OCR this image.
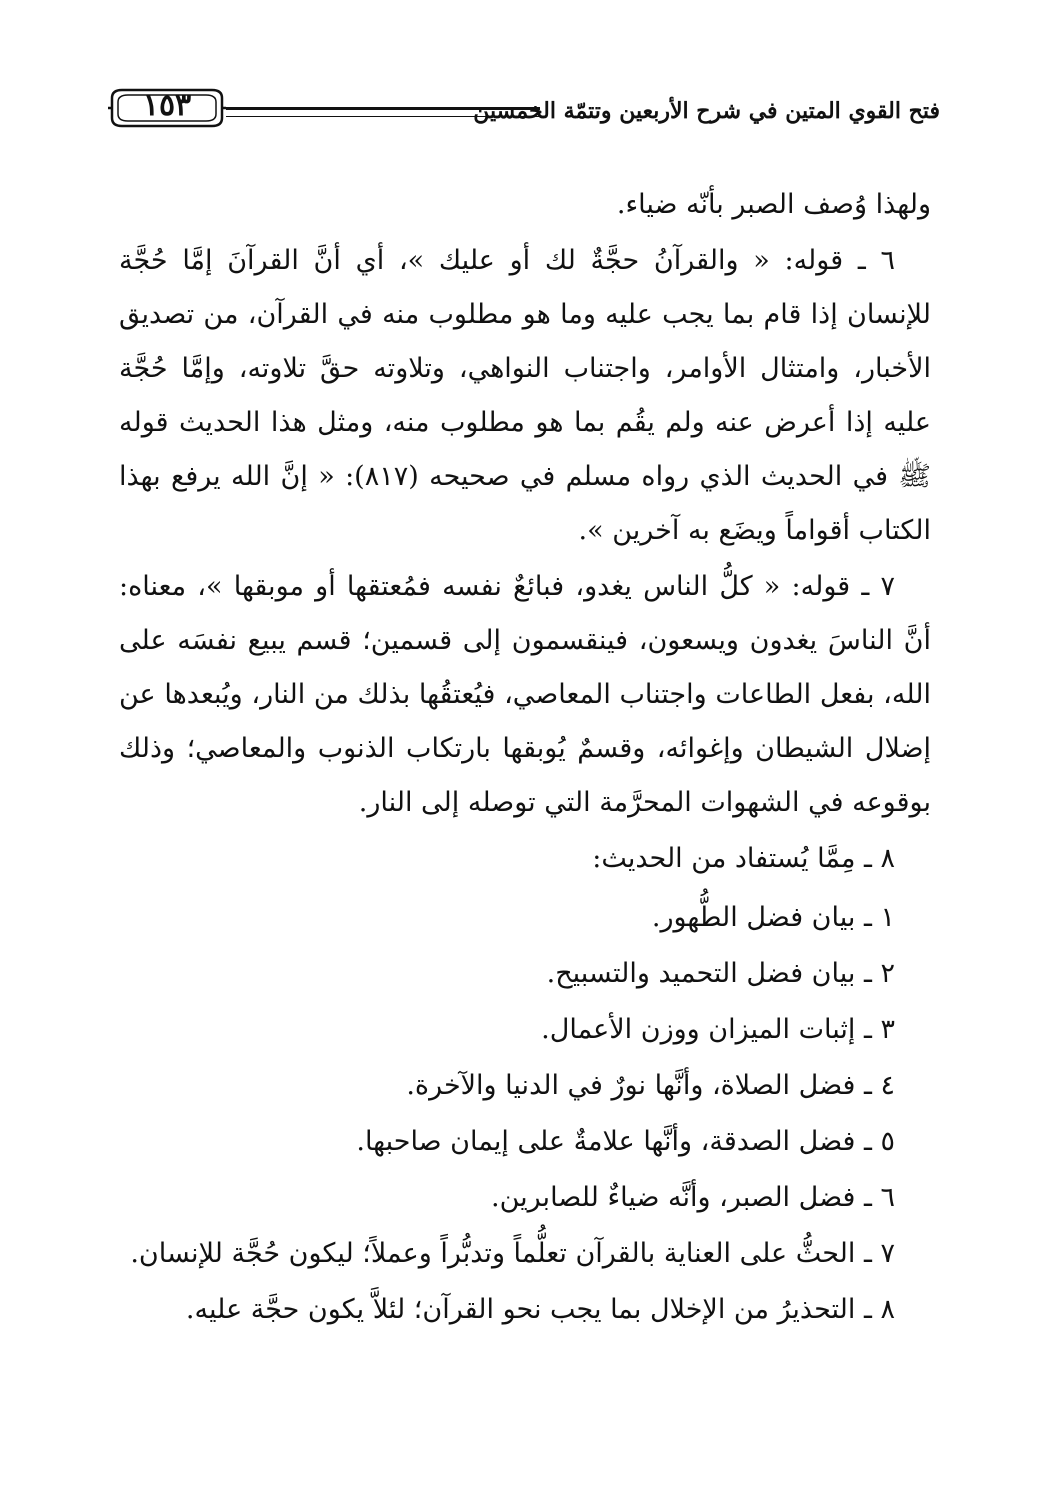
فتح القوي المتين في شرح الأربعين وتتمّة الخمسين
١٥٣

ولهذا وُصف الصبر بأنّه ضياء.

٦ ـ قوله: « والقرآنُ حجَّةٌ لك أو عليك »، أي أنَّ القرآنَ إمَّا حُجَّة للإنسان إذا قام بما يجب عليه وما هو مطلوب منه في القرآن، من تصديق الأخبار، وامتثال الأوامر، واجتناب النواهي، وتلاوته حقَّ تلاوته، وإمَّا حُجَّة عليه إذا أعرض عنه ولم يقُم بما هو مطلوب منه، ومثل هذا الحديث قوله ﷺ في الحديث الذي رواه مسلم في صحيحه (٨١٧): « إنَّ الله يرفع بهذا الكتاب أقواماً ويضَع به آخرين ».

٧ ـ قوله: « كلُّ الناس يغدو، فبائعٌ نفسه فمُعتقها أو موبقها »، معناه: أنَّ الناسَ يغدون ويسعون، فينقسمون إلى قسمين؛ قسم يبيع نفسَه على الله، بفعل الطاعات واجتناب المعاصي، فيُعتقُها بذلك من النار، ويُبعدها عن إضلال الشيطان وإغوائه، وقسمٌ يُوبقها بارتكاب الذنوب والمعاصي؛ وذلك بوقوعه في الشهوات المحرَّمة التي توصله إلى النار.

٨ ـ مِمَّا يُستفاد من الحديث:

١ ـ بيان فضل الطُّهور.
٢ ـ بيان فضل التحميد والتسبيح.
٣ ـ إثبات الميزان ووزن الأعمال.
٤ ـ فضل الصلاة، وأنَّها نورٌ في الدنيا والآخرة.
٥ ـ فضل الصدقة، وأنَّها علامةٌ على إيمان صاحبها.
٦ ـ فضل الصبر، وأنَّه ضياءٌ للصابرين.
٧ ـ الحثُّ على العناية بالقرآن تعلُّماً وتدبُّراً وعملاً؛ ليكون حُجَّة للإنسان.
٨ ـ التحذيرُ من الإخلال بما يجب نحو القرآن؛ لئلاَّ يكون حجَّة عليه.
